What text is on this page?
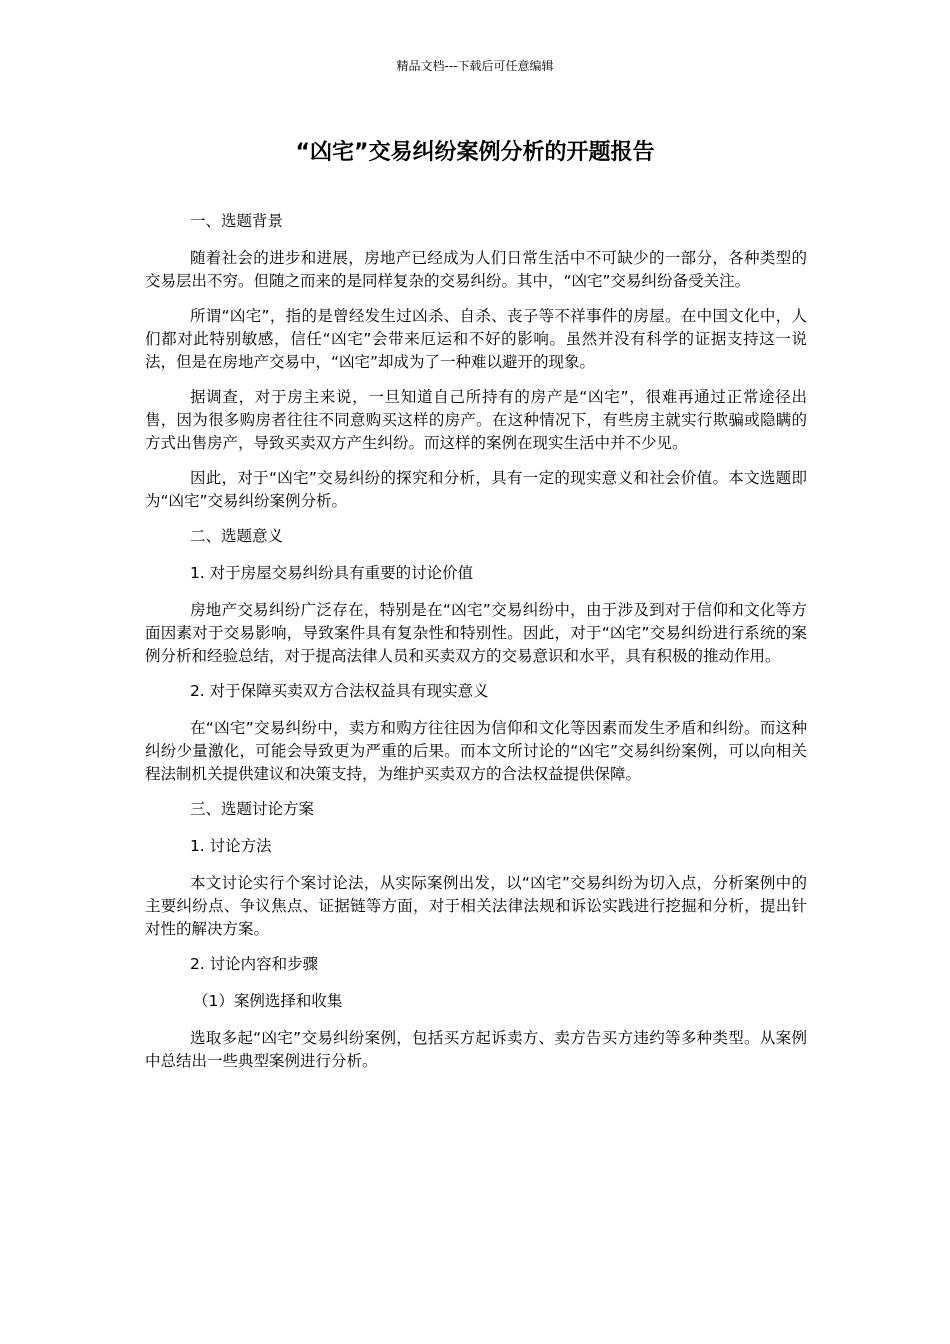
精品文档---下载后可任意编辑
“凶宅”交易纠纷案例分析的开题报告

一、选题背景

随着社会的进步和进展，房地产已经成为人们日常生活中不可缺少的一部分，各种类型的交易层出不穷。但随之而来的是同样复杂的交易纠纷。其中，“凶宅”交易纠纷备受关注。

所谓“凶宅”，指的是曾经发生过凶杀、自杀、丧子等不祥事件的房屋。在中国文化中，人们都对此特别敏感，信任“凶宅”会带来厄运和不好的影响。虽然并没有科学的证据支持这一说法，但是在房地产交易中，“凶宅”却成为了一种难以避开的现象。

据调查，对于房主来说，一旦知道自己所持有的房产是“凶宅”，很难再通过正常途径出售，因为很多购房者往往不同意购买这样的房产。在这种情况下，有些房主就实行欺骗或隐瞒的方式出售房产，导致买卖双方产生纠纷。而这样的案例在现实生活中并不少见。

因此，对于“凶宅”交易纠纷的探究和分析，具有一定的现实意义和社会价值。本文选题即为“凶宅”交易纠纷案例分析。

二、选题意义

1. 对于房屋交易纠纷具有重要的讨论价值

房地产交易纠纷广泛存在，特别是在“凶宅”交易纠纷中，由于涉及到对于信仰和文化等方面因素对于交易影响，导致案件具有复杂性和特别性。因此，对于“凶宅”交易纠纷进行系统的案例分析和经验总结，对于提高法律人员和买卖双方的交易意识和水平，具有积极的推动作用。

2. 对于保障买卖双方合法权益具有现实意义

在“凶宅”交易纠纷中，卖方和购方往往因为信仰和文化等因素而发生矛盾和纠纷。而这种纠纷少量激化，可能会导致更为严重的后果。而本文所讨论的“凶宅”交易纠纷案例，可以向相关程法制机关提供建议和决策支持，为维护买卖双方的合法权益提供保障。

三、选题讨论方案

1. 讨论方法

本文讨论实行个案讨论法，从实际案例出发，以“凶宅”交易纠纷为切入点，分析案例中的主要纠纷点、争议焦点、证据链等方面，对于相关法律法规和诉讼实践进行挖掘和分析，提出针对性的解决方案。

2. 讨论内容和步骤

（1）案例选择和收集

选取多起“凶宅”交易纠纷案例，包括买方起诉卖方、卖方告买方违约等多种类型。从案例中总结出一些典型案例进行分析。
